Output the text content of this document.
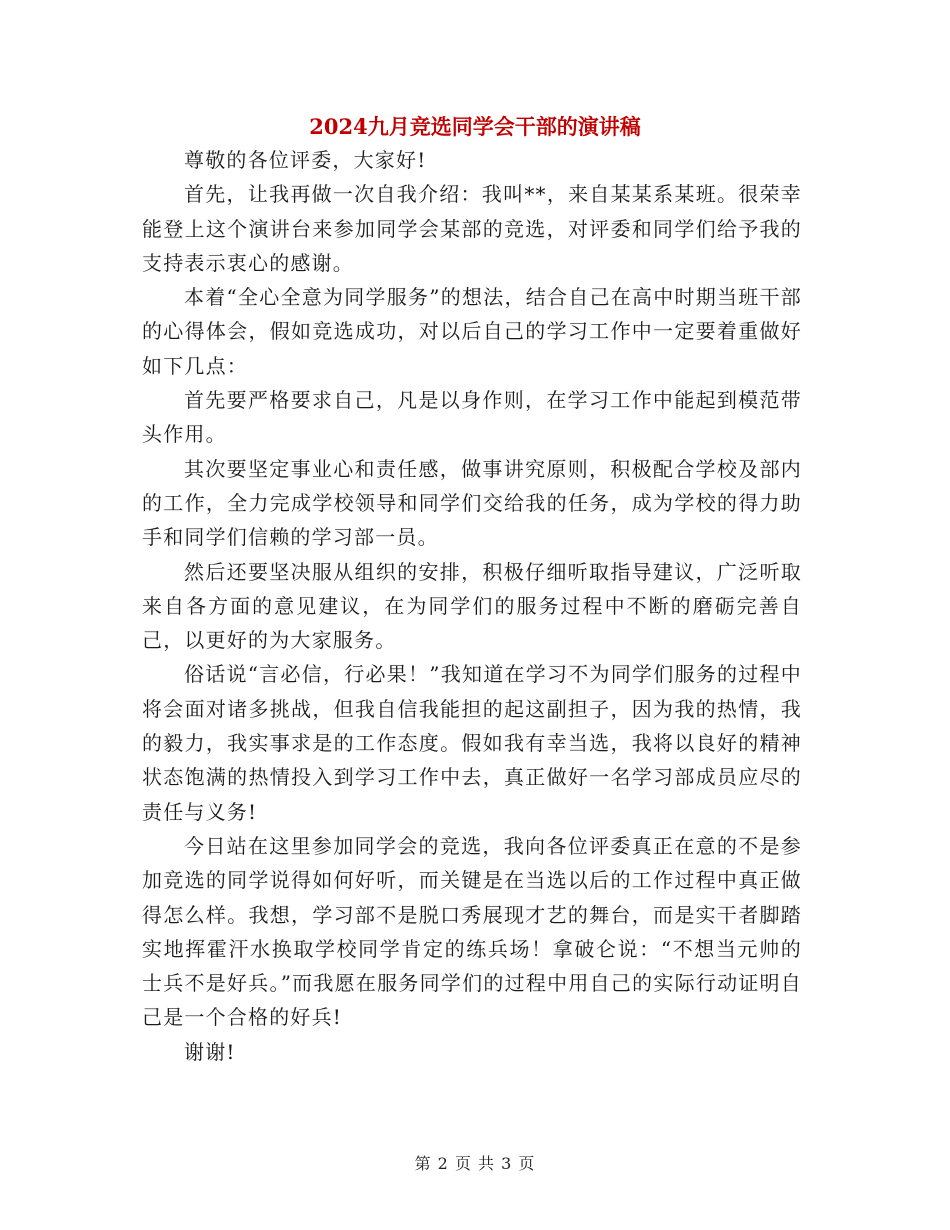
2024九月竞选同学会干部的演讲稿

尊敬的各位评委，大家好!

首先，让我再做一次自我介绍：我叫**，来自某某系某班。很荣幸能登上这个演讲台来参加同学会某部的竞选，对评委和同学们给予我的支持表示衷心的感谢。

本着“全心全意为同学服务”的想法，结合自己在高中时期当班干部的心得体会，假如竞选成功，对以后自己的学习工作中一定要着重做好如下几点：

首先要严格要求自己，凡是以身作则，在学习工作中能起到模范带头作用。

其次要坚定事业心和责任感，做事讲究原则，积极配合学校及部内的工作，全力完成学校领导和同学们交给我的任务，成为学校的得力助手和同学们信赖的学习部一员。

然后还要坚决服从组织的安排，积极仔细听取指导建议，广泛听取来自各方面的意见建议，在为同学们的服务过程中不断的磨砺完善自己，以更好的为大家服务。

俗话说“言必信，行必果！”我知道在学习不为同学们服务的过程中将会面对诸多挑战，但我自信我能担的起这副担子，因为我的热情，我的毅力，我实事求是的工作态度。假如我有幸当选，我将以良好的精神状态饱满的热情投入到学习工作中去，真正做好一名学习部成员应尽的责任与义务!

今日站在这里参加同学会的竞选，我向各位评委真正在意的不是参加竞选的同学说得如何好听，而关键是在当选以后的工作过程中真正做得怎么样。我想，学习部不是脱口秀展现才艺的舞台，而是实干者脚踏实地挥霍汗水换取学校同学肯定的练兵场！拿破仑说：“不想当元帅的士兵不是好兵。”而我愿在服务同学们的过程中用自己的实际行动证明自己是一个合格的好兵!

谢谢!

第 2 页 共 3 页
